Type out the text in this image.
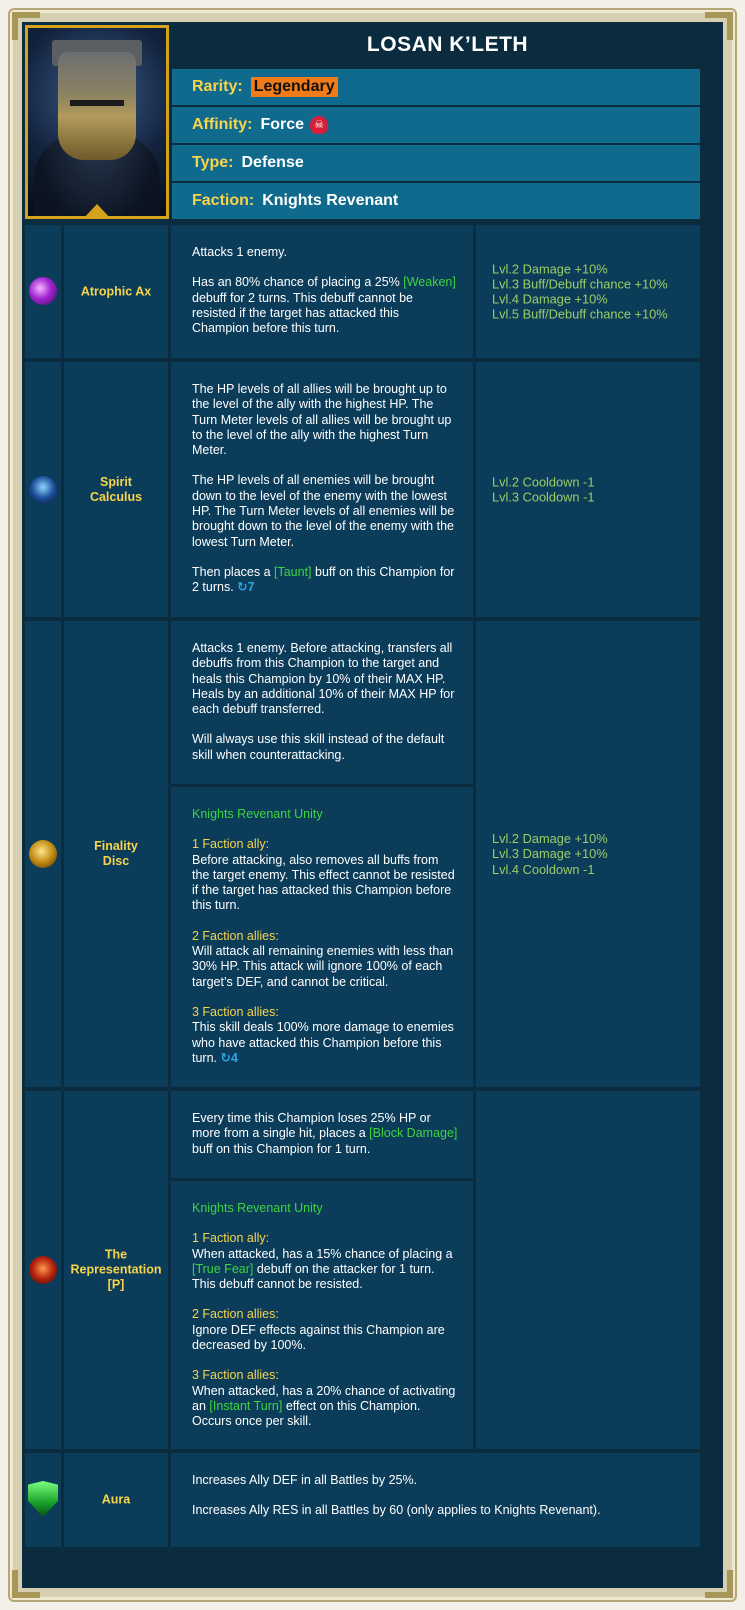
LOSAN K’LETH
Rarity: Legendary
Affinity: Force ☠
Type: Defense
Faction: Knights Revenant
Atrophic Ax

Attacks 1 enemy.

Has an 80% chance of placing a 25% [Weaken] debuff for 2 turns. This debuff cannot be resisted if the target has attacked this Champion before this turn.

Lvl.2 Damage +10%
Lvl.3 Buff/Debuff chance +10%
Lvl.4 Damage +10%
Lvl.5 Buff/Debuff chance +10%
Spirit
Calculus

The HP levels of all allies will be brought up to the level of the ally with the highest HP. The Turn Meter levels of all allies will be brought up to the level of the ally with the highest Turn Meter.

The HP levels of all enemies will be brought down to the level of the enemy with the lowest HP. The Turn Meter levels of all enemies will be brought down to the level of the enemy with the lowest Turn Meter.

Then places a [Taunt] buff on this Champion for 2 turns. ↻7

Lvl.2 Cooldown -1
Lvl.3 Cooldown -1
Finality
Disc

Attacks 1 enemy. Before attacking, transfers all debuffs from this Champion to the target and heals this Champion by 10% of their MAX HP. Heals by an additional 10% of their MAX HP for each debuff transferred.

Will always use this skill instead of the default skill when counterattacking.

Knights Revenant Unity

1 Faction ally:
Before attacking, also removes all buffs from the target enemy. This effect cannot be resisted if the target has attacked this Champion before this turn.

2 Faction allies:
Will attack all remaining enemies with less than 30% HP. This attack will ignore 100% of each target’s DEF, and cannot be critical.

3 Faction allies:
This skill deals 100% more damage to enemies who have attacked this Champion before this turn. ↻4

Lvl.2 Damage +10%
Lvl.3 Damage +10%
Lvl.4 Cooldown -1
The
Representation
[P]

Every time this Champion loses 25% HP or more from a single hit, places a [Block Damage] buff on this Champion for 1 turn.

Knights Revenant Unity

1 Faction ally:
When attacked, has a 15% chance of placing a [True Fear] debuff on the attacker for 1 turn. This debuff cannot be resisted.

2 Faction allies:
Ignore DEF effects against this Champion are decreased by 100%.

3 Faction allies:
When attacked, has a 20% chance of activating an [Instant Turn] effect on this Champion. Occurs once per skill.

Aura

Increases Ally DEF in all Battles by 25%.

Increases Ally RES in all Battles by 60 (only applies to Knights Revenant).
